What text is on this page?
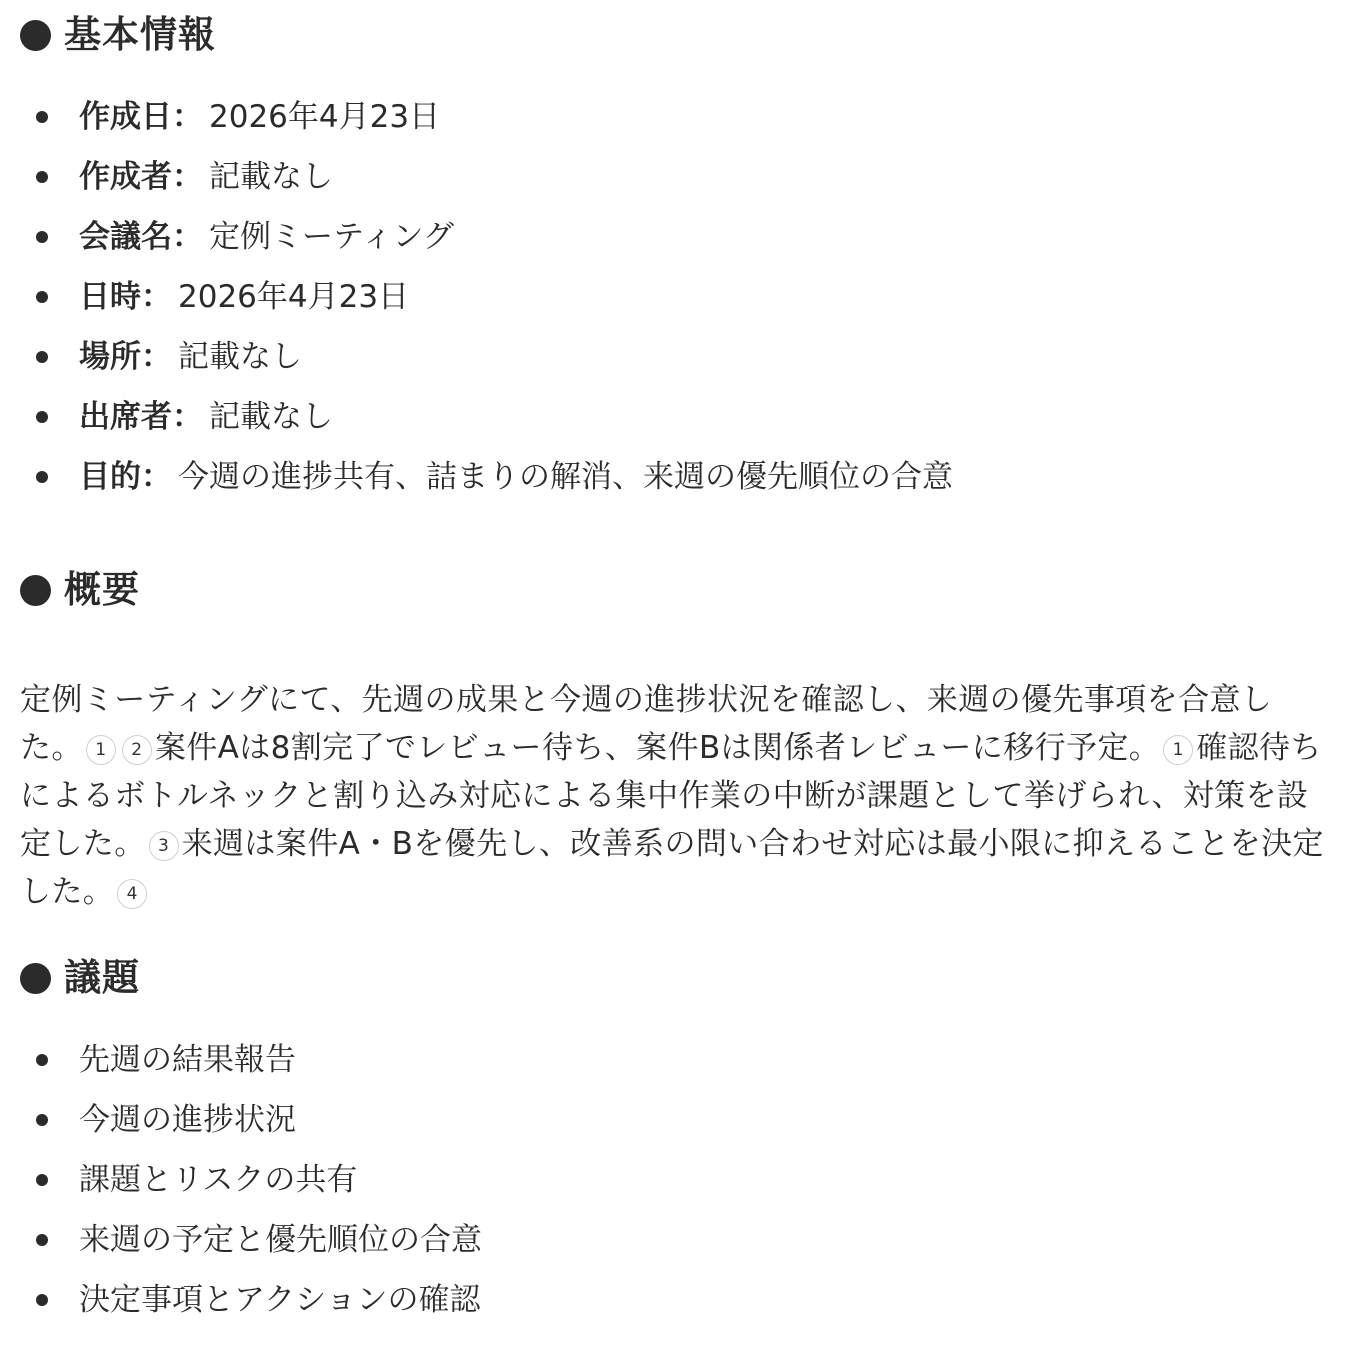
基本情報
作成日： 2026年4月23日
作成者： 記載なし
会議名： 定例ミーティング
日時： 2026年4月23日
場所： 記載なし
出席者： 記載なし
目的： 今週の進捗共有、詰まりの解消、来週の優先順位の合意
概要

定例ミーティングにて、先週の成果と今週の進捗状況を確認し、来週の優先事項を合意した。 1 2 案件Aは8割完了でレビュー待ち、案件Bは関係者レビューに移行予定。 1 確認待ちによるボトルネックと割り込み対応による集中作業の中断が課題として挙げられ、対策を設定した。 3 来週は案件A・Bを優先し、改善系の問い合わせ対応は最小限に抑えることを決定した。 4

議題
先週の結果報告
今週の進捗状況
課題とリスクの共有
来週の予定と優先順位の合意
決定事項とアクションの確認
